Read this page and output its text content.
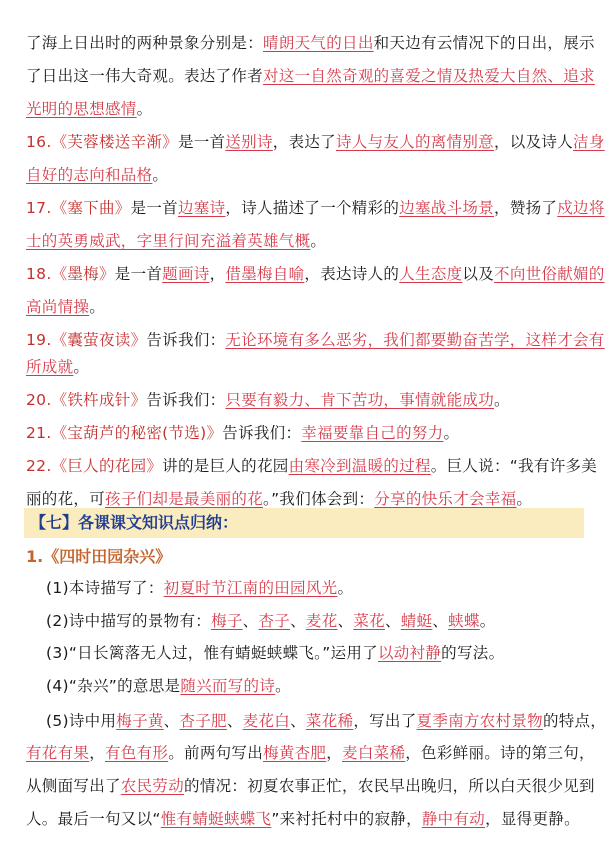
了海上日出时的两种景象分别是：晴朗天气的日出和天边有云情况下的日出，展示
了日出这一伟大奇观。表达了作者对这一自然奇观的喜爱之情及热爱大自然、追求
光明的思想感情。
16.《芙蓉楼送辛渐》是一首送别诗，表达了诗人与友人的离情别意，以及诗人洁身
自好的志向和品格。
17.《塞下曲》是一首边塞诗，诗人描述了一个精彩的边塞战斗场景，赞扬了戍边将
士的英勇威武，字里行间充溢着英雄气概。
18.《墨梅》是一首题画诗，借墨梅自喻，表达诗人的人生态度以及不向世俗献媚的
高尚情操。
19.《囊萤夜读》告诉我们：无论环境有多么恶劣，我们都要勤奋苦学，这样才会有
所成就。
20.《铁杵成针》告诉我们：只要有毅力、肯下苦功，事情就能成功。
21.《宝葫芦的秘密(节选)》告诉我们：幸福要靠自己的努力。
22.《巨人的花园》讲的是巨人的花园由寒冷到温暖的过程。巨人说：“我有许多美
丽的花，可孩子们却是最美丽的花。”我们体会到：分享的快乐才会幸福。
【七】各课课文知识点归纳：
1.《四时田园杂兴》
(1)本诗描写了：初夏时节江南的田园风光。
(2)诗中描写的景物有：梅子、杏子、麦花、菜花、蜻蜓、蛱蝶。
(3)“日长篱落无人过，惟有蜻蜓蛱蝶飞。”运用了以动衬静的写法。
(4)“杂兴”的意思是随兴而写的诗。
(5)诗中用梅子黄、杏子肥、麦花白、菜花稀，写出了夏季南方农村景物的特点，
有花有果，有色有形。前两句写出梅黄杏肥，麦白菜稀，色彩鲜丽。诗的第三句，
从侧面写出了农民劳动的情况：初夏农事正忙，农民早出晚归，所以白天很少见到
人。最后一句又以“惟有蜻蜓蛱蝶飞”来衬托村中的寂静，静中有动，显得更静。
